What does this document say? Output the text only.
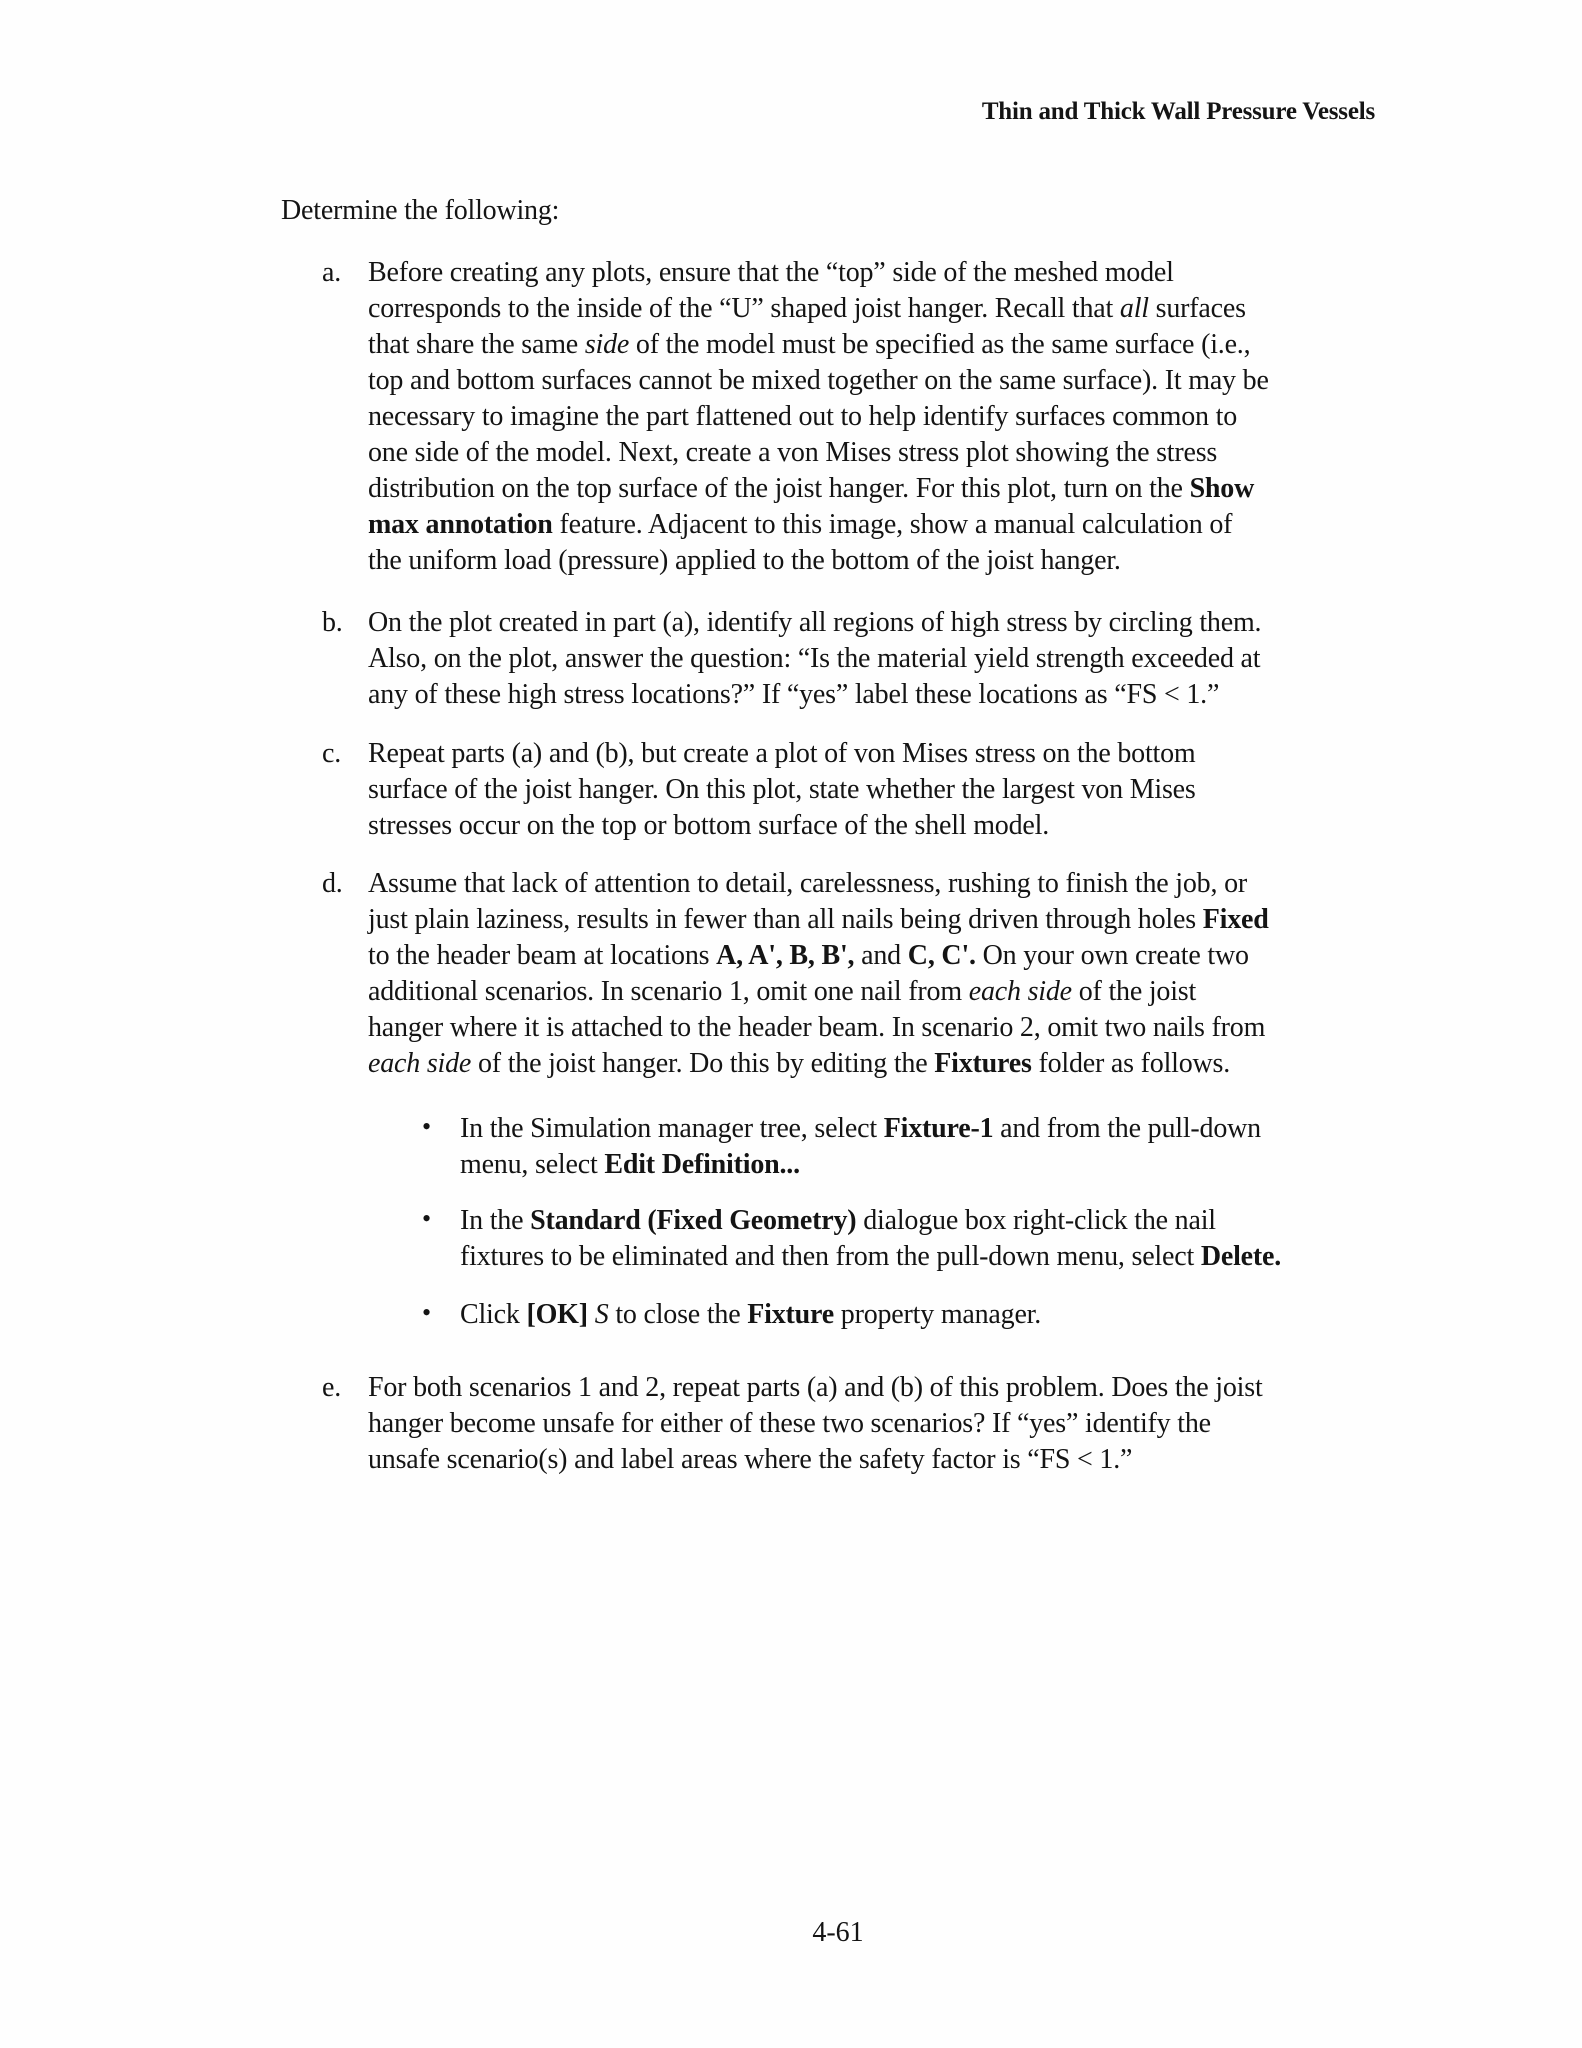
Thin and Thick Wall Pressure Vessels
Determine the following:
a. Before creating any plots, ensure that the “top” side of the meshed model
corresponds to the inside of the “U” shaped joist hanger. Recall that all surfaces
that share the same side of the model must be specified as the same surface (i.e.,
top and bottom surfaces cannot be mixed together on the same surface). It may be
necessary to imagine the part flattened out to help identify surfaces common to
one side of the model. Next, create a von Mises stress plot showing the stress
distribution on the top surface of the joist hanger. For this plot, turn on the Show
max annotation feature. Adjacent to this image, show a manual calculation of
the uniform load (pressure) applied to the bottom of the joist hanger.
b. On the plot created in part (a), identify all regions of high stress by circling them.
Also, on the plot, answer the question: “Is the material yield strength exceeded at
any of these high stress locations?” If “yes” label these locations as “FS < 1.”
c. Repeat parts (a) and (b), but create a plot of von Mises stress on the bottom
surface of the joist hanger. On this plot, state whether the largest von Mises
stresses occur on the top or bottom surface of the shell model.
d. Assume that lack of attention to detail, carelessness, rushing to finish the job, or
just plain laziness, results in fewer than all nails being driven through holes Fixed
to the header beam at locations A, A', B, B', and C, C'. On your own create two
additional scenarios. In scenario 1, omit one nail from each side of the joist
hanger where it is attached to the header beam. In scenario 2, omit two nails from
each side of the joist hanger. Do this by editing the Fixtures folder as follows.
• In the Simulation manager tree, select Fixture-1 and from the pull-down
menu, select Edit Definition...
• In the Standard (Fixed Geometry) dialogue box right-click the nail
fixtures to be eliminated and then from the pull-down menu, select Delete.
• Click [OK] S to close the Fixture property manager.
e. For both scenarios 1 and 2, repeat parts (a) and (b) of this problem. Does the joist
hanger become unsafe for either of these two scenarios? If “yes” identify the
unsafe scenario(s) and label areas where the safety factor is “FS < 1.”
4-61
